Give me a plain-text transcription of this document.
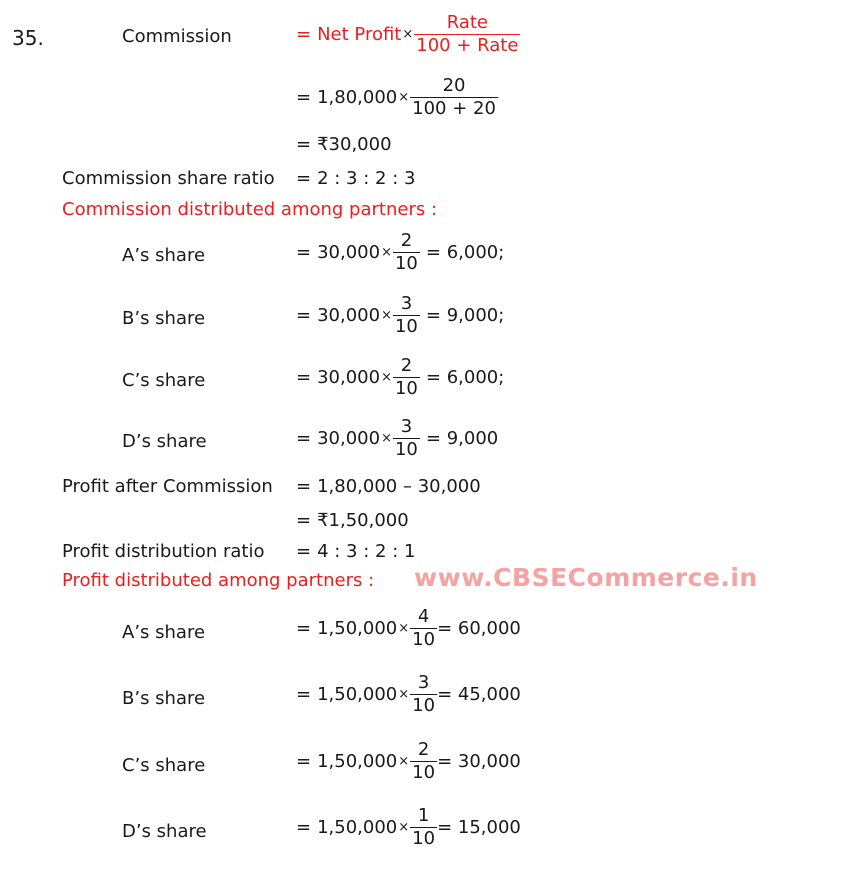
35.	Commission	= Net Profit ×
Rate
100 + Rate
= $1,80,000 \times \frac{20}{100 + 20}$
= ₹30,000
Commission share ratio = 2 : 3 : 2 : 3
Commission distributed among partners :
A’s share	= $30,000 \times \frac{2}{10} = 6,000$;
B’s share	= $30,000 \times \frac{3}{10} = 9,000$;
C’s share	= $30,000 \times \frac{2}{10} = 6,000$;
D’s share	= $30,000 \times \frac{3}{10} = 9,000$
Profit after Commission = 1,80,000 – 30,000
= ₹1,50,000
Profit distribution ratio = 4 : 3 : 2 : 1
Profit distributed among partners : www.CBSECommerce.in
A’s share	= $1,50,000 \times \frac{4}{10} = 60,000$
B’s share	= $1,50,000 \times \frac{3}{10} = 45,000$
C’s share	= $1,50,000 \times \frac{2}{10} = 30,000$
D’s share	= $1,50,000 \times \frac{1}{10} = 15,000$
